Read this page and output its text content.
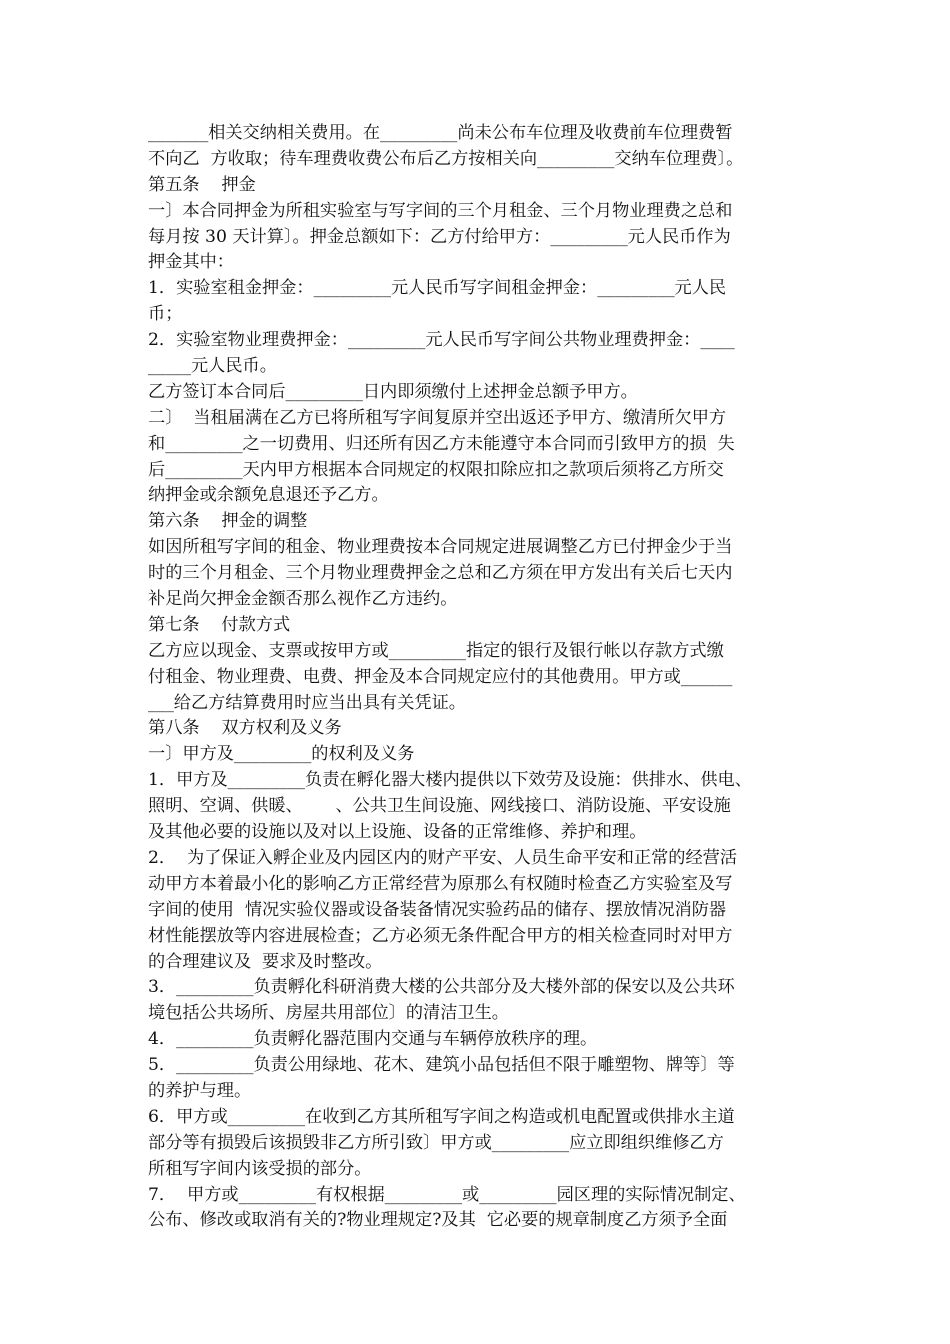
_______相关交纳相关费用。在_________尚未公布车位理及收费前车位理费暂
不向乙  方收取；待车理费收费公布后乙方按相关向_________交纳车位理费〕。
第五条    押金
一〕本合同押金为所租实验室与写字间的三个月租金、三个月物业理费之总和
每月按 30 天计算〕。押金总额如下：乙方付给甲方：_________元人民币作为
押金其中：
1．实验室租金押金：_________元人民币写字间租金押金：_________元人民
币；
2．实验室物业理费押金：_________元人民币写字间公共物业理费押金：____
_____元人民币。
乙方签订本合同后_________日内即须缴付上述押金总额予甲方。
二〕  当租届满在乙方已将所租写字间复原并空出返还予甲方、缴清所欠甲方
和_________之一切费用、归还所有因乙方未能遵守本合同而引致甲方的损  失
后_________天内甲方根据本合同规定的权限扣除应扣之款项后须将乙方所交
纳押金或余额免息退还予乙方。
第六条    押金的调整
如因所租写字间的租金、物业理费按本合同规定进展调整乙方已付押金少于当
时的三个月租金、三个月物业理费押金之总和乙方须在甲方发出有关后七天内
补足尚欠押金金额否那么视作乙方违约。
第七条    付款方式
乙方应以现金、支票或按甲方或_________指定的银行及银行帐以存款方式缴
付租金、物业理费、电费、押金及本合同规定应付的其他费用。甲方或______
___给乙方结算费用时应当出具有关凭证。
第八条    双方权利及义务
一〕甲方及_________的权利及义务
1．甲方及_________负责在孵化器大楼内提供以下效劳及设施：供排水、供电、
照明、空调、供暖、      、公共卫生间设施、网线接口、消防设施、平安设施
及其他必要的设施以及对以上设施、设备的正常维修、养护和理。
2．  为了保证入孵企业及内园区内的财产平安、人员生命平安和正常的经营活
动甲方本着最小化的影响乙方正常经营为原那么有权随时检查乙方实验室及写
字间的使用  情况实验仪器或设备装备情况实验药品的储存、摆放情况消防器
材性能摆放等内容进展检查；乙方必须无条件配合甲方的相关检查同时对甲方
的合理建议及  要求及时整改。
3．_________负责孵化科研消费大楼的公共部分及大楼外部的保安以及公共环
境包括公共场所、房屋共用部位〕的清洁卫生。
4．_________负责孵化器范围内交通与车辆停放秩序的理。
5．_________负责公用绿地、花木、建筑小品包括但不限于雕塑物、牌等〕等
的养护与理。
6．甲方或_________在收到乙方其所租写字间之构造或机电配置或供排水主道
部分等有损毁后该损毁非乙方所引致〕甲方或_________应立即组织维修乙方
所租写字间内该受损的部分。
7．  甲方或_________有权根据_________或_________园区理的实际情况制定、
公布、修改或取消有关的?物业理规定?及其  它必要的规章制度乙方须予全面
